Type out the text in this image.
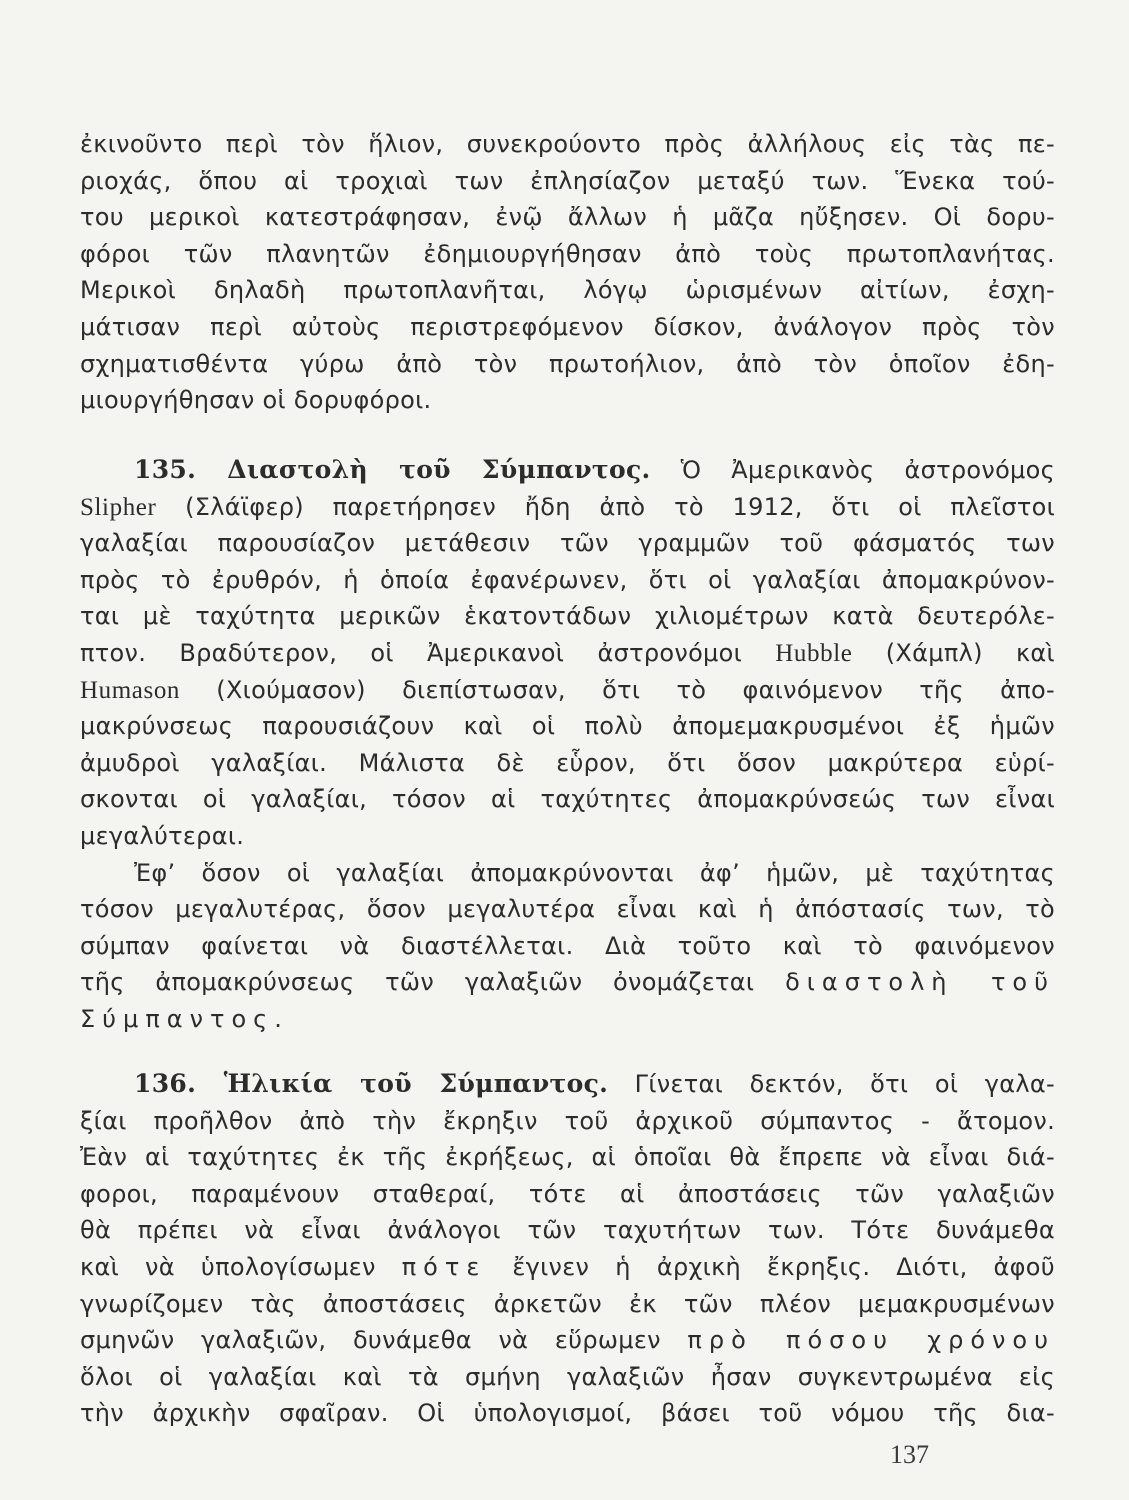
ἐκινοῦντο περὶ τὸν ἥλιον, συνεκρούοντο πρὸς ἀλλήλους εἰς τὰς πε-
ριοχάς, ὅπου αἱ τροχιαὶ των ἐπλησίαζον μεταξύ των. Ἕνεκα τού-
του μερικοὶ κατεστράφησαν, ἐνῷ ἄλλων ἡ μᾶζα ηὔξησεν. Οἱ δορυ-
φόροι τῶν πλανητῶν ἐδημιουργήθησαν ἀπὸ τοὺς πρωτοπλανήτας.
Μερικοὶ δηλαδὴ πρωτοπλανῆται, λόγῳ ὡρισμένων αἰτίων, ἐσχη-
μάτισαν περὶ αὐτοὺς περιστρεφόμενον δίσκον, ἀνάλογον πρὸς τὸν
σχηματισθέντα γύρω ἀπὸ τὸν πρωτοήλιον, ἀπὸ τὸν ὁποῖον ἐδη-
μιουργήθησαν οἱ δορυφόροι.
135. Διαστολὴ τοῦ Σύμπαντος. Ὁ Ἀμερικανὸς ἀστρονόμος
Slipher (Σλάϊφερ) παρετήρησεν ἤδη ἀπὸ τὸ 1912, ὅτι οἱ πλεῖστοι
γαλαξίαι παρουσίαζον μετάθεσιν τῶν γραμμῶν τοῦ φάσματός των
πρὸς τὸ ἐρυθρόν, ἡ ὁποία ἐφανέρωνεν, ὅτι οἱ γαλαξίαι ἀπομακρύνον-
ται μὲ ταχύτητα μερικῶν ἑκατοντάδων χιλιομέτρων κατὰ δευτερόλε-
πτον. Βραδύτερον, οἱ Ἀμερικανοὶ ἀστρονόμοι Hubble (Χάμπλ) καὶ
Humason (Χιούμασον) διεπίστωσαν, ὅτι τὸ φαινόμενον τῆς ἀπο-
μακρύνσεως παρουσιάζουν καὶ οἱ πολὺ ἀπομεμακρυσμένοι ἐξ ἡμῶν
ἀμυδροὶ γαλαξίαι. Μάλιστα δὲ εὗρον, ὅτι ὅσον μακρύτερα εὑρί-
σκονται οἱ γαλαξίαι, τόσον αἱ ταχύτητες ἀπομακρύνσεώς των εἶναι
μεγαλύτεραι.
Ἐφ’ ὅσον οἱ γαλαξίαι ἀπομακρύνονται ἀφ’ ἡμῶν, μὲ ταχύτητας
τόσον μεγαλυτέρας, ὅσον μεγαλυτέρα εἶναι καὶ ἡ ἀπόστασίς των, τὸ
σύμπαν φαίνεται νὰ διαστέλλεται. Διὰ τοῦτο καὶ τὸ φαινόμενον
τῆς ἀπομακρύνσεως τῶν γαλαξιῶν ὀνομάζεται διαστολὴ τοῦ
Σύμπαντος.
136. Ἡλικία τοῦ Σύμπαντος. Γίνεται δεκτόν, ὅτι οἱ γαλα-
ξίαι προῆλθον ἀπὸ τὴν ἔκρηξιν τοῦ ἀρχικοῦ σύμπαντος - ἄτομον.
Ἐὰν αἱ ταχύτητες ἐκ τῆς ἐκρήξεως, αἱ ὁποῖαι θὰ ἔπρεπε νὰ εἶναι διά-
φοροι, παραμένουν σταθεραί, τότε αἱ ἀποστάσεις τῶν γαλαξιῶν
θὰ πρέπει νὰ εἶναι ἀνάλογοι τῶν ταχυτήτων των. Τότε δυνάμεθα
καὶ νὰ ὑπολογίσωμεν πότε ἔγινεν ἡ ἀρχικὴ ἔκρηξις. Διότι, ἀφοῦ
γνωρίζομεν τὰς ἀποστάσεις ἀρκετῶν ἐκ τῶν πλέον μεμακρυσμένων
σμηνῶν γαλαξιῶν, δυνάμεθα νὰ εὕρωμεν πρὸ πόσου χρόνου
ὅλοι οἱ γαλαξίαι καὶ τὰ σμήνη γαλαξιῶν ἦσαν συγκεντρωμένα εἰς
τὴν ἀρχικὴν σφαῖραν. Οἱ ὑπολογισμοί, βάσει τοῦ νόμου τῆς δια-
137
